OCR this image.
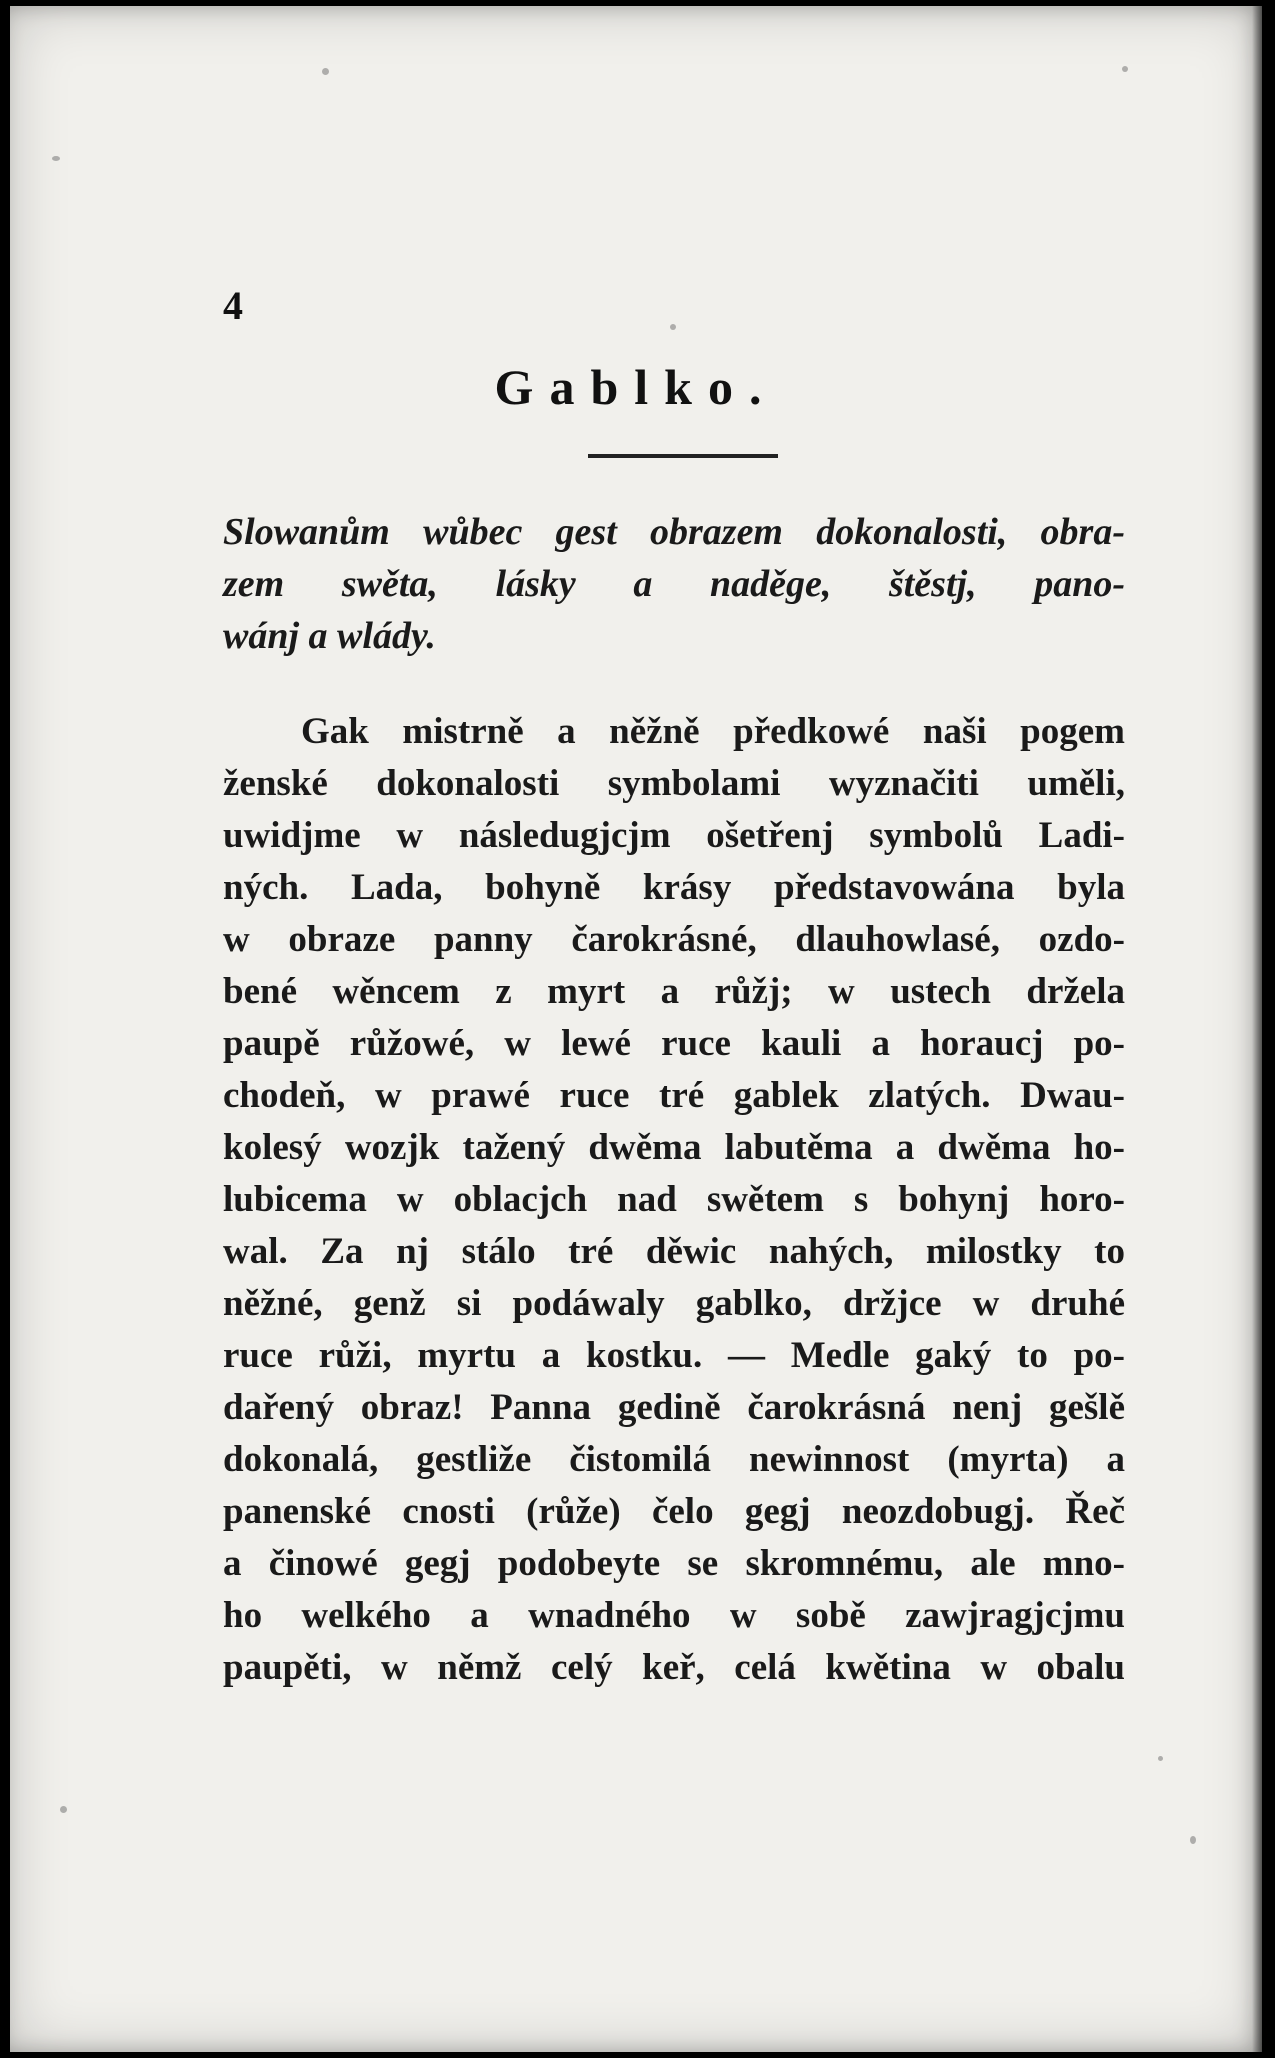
4
Gablko.
Slowanům wůbec gest obrazem dokonalosti, obra-
zem swěta, lásky a naděge, štěstj, pano-
wánj a wlády.
Gak mistrně a něžně předkowé naši pogem
ženské dokonalosti symbolami wyznačiti uměli,
uwidjme w následugjcjm ošetřenj symbolů Ladi-
ných. Lada, bohyně krásy představowána byla
w obraze panny čarokrásné, dlauhowlasé, ozdo-
bené wěncem z myrt a růžj; w ustech držela
paupě růžowé, w lewé ruce kauli a horaucj po-
chodeň, w prawé ruce tré gablek zlatých. Dwau-
kolesý wozjk tažený dwěma labutěma a dwěma ho-
lubicema w oblacjch nad swětem s bohynj horo-
wal. Za nj stálo tré děwic nahých, milostky to
něžné, genž si podáwaly gablko, držjce w druhé
ruce růži, myrtu a kostku. — Medle gaký to po-
dařený obraz! Panna gedině čarokrásná nenj gešlě
dokonalá, gestliže čistomilá newinnost (myrta) a
panenské cnosti (růže) čelo gegj neozdobugj. Řeč
a činowé gegj podobeyte se skromnému, ale mno-
ho welkého a wnadného w sobě zawjragjcjmu
paupěti, w němž celý keř, celá kwětina w obalu
